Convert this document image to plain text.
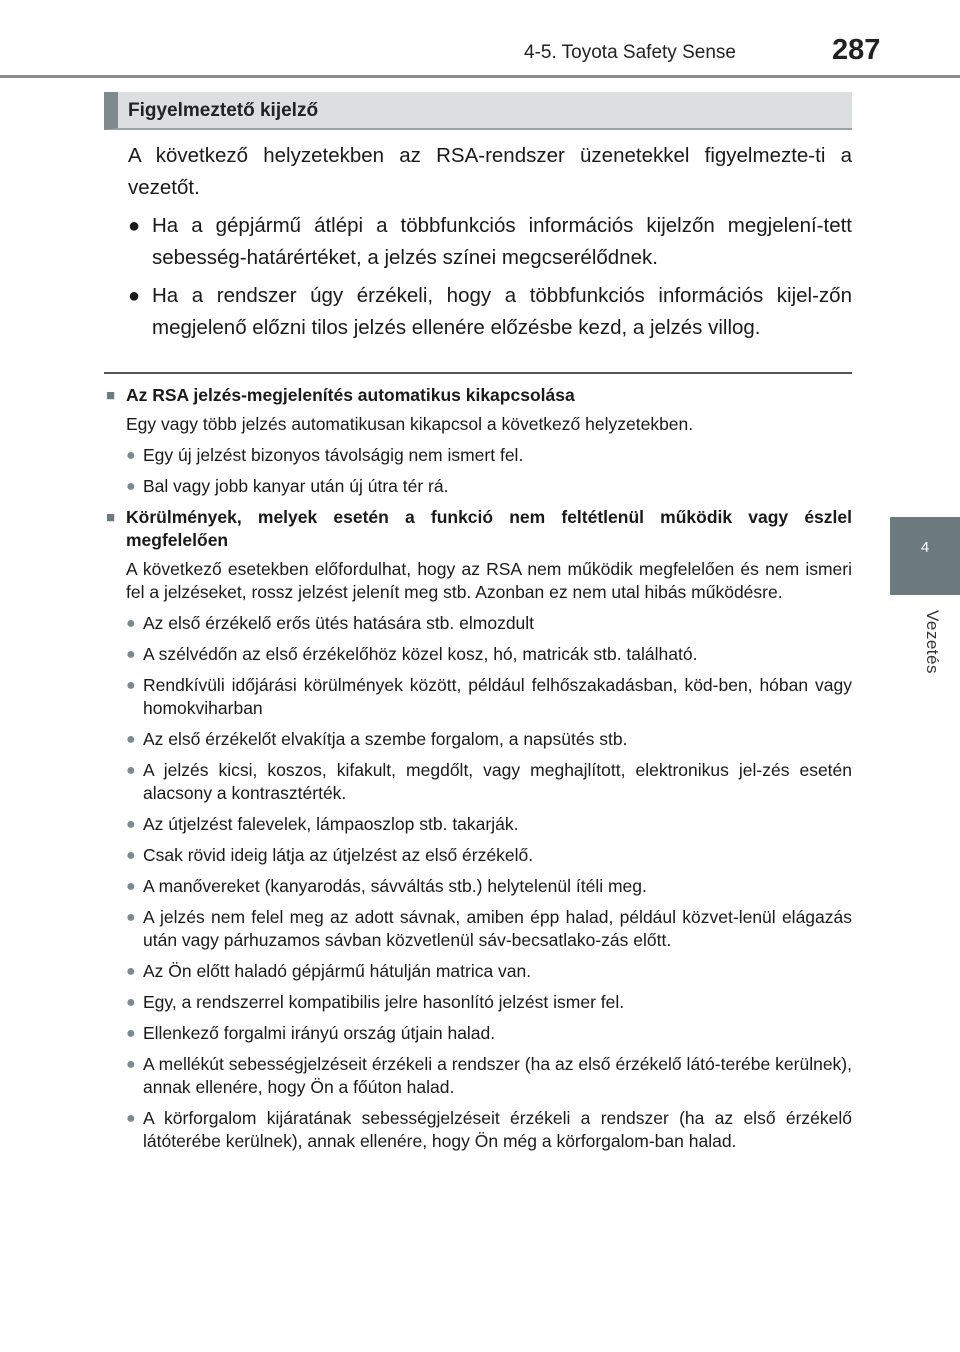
4-5. Toyota Safety Sense	287
4
Vezetés
Figyelmeztető kijelző

A következő helyzetekben az RSA-rendszer üzenetekkel figyelmezte-ti a vezetőt.

● Ha a gépjármű átlépi a többfunkciós információs kijelzőn megjelení-tett sebesség-határértéket, a jelzés színei megcserélődnek.
● Ha a rendszer úgy érzékeli, hogy a többfunkciós információs kijel-zőn megjelenő előzni tilos jelzés ellenére előzésbe kezd, a jelzés villog.
■ Az RSA jelzés-megjelenítés automatikus kikapcsolása
Egy vagy több jelzés automatikusan kikapcsol a következő helyzetekben.
● Egy új jelzést bizonyos távolságig nem ismert fel.
● Bal vagy jobb kanyar után új útra tér rá.
■ Körülmények, melyek esetén a funkció nem feltétlenül működik vagy észlel megfelelően
A következő esetekben előfordulhat, hogy az RSA nem működik megfelelően és nem ismeri fel a jelzéseket, rossz jelzést jelenít meg stb. Azonban ez nem utal hibás működésre.
● Az első érzékelő erős ütés hatására stb. elmozdult
● A szélvédőn az első érzékelőhöz közel kosz, hó, matricák stb. található.
● Rendkívüli időjárási körülmények között, például felhőszakadásban, köd-ben, hóban vagy homokviharban
● Az első érzékelőt elvakítja a szembe forgalom, a napsütés stb.
● A jelzés kicsi, koszos, kifakult, megdőlt, vagy meghajlított, elektronikus jel-zés esetén alacsony a kontrasztérték.
● Az útjelzést falevelek, lámpaoszlop stb. takarják.
● Csak rövid ideig látja az útjelzést az első érzékelő.
● A manővereket (kanyarodás, sávváltás stb.) helytelenül ítéli meg.
● A jelzés nem felel meg az adott sávnak, amiben épp halad, például közvet-lenül elágazás után vagy párhuzamos sávban közvetlenül sáv-becsatlako-zás előtt.
● Az Ön előtt haladó gépjármű hátulján matrica van.
● Egy, a rendszerrel kompatibilis jelre hasonlító jelzést ismer fel.
● Ellenkező forgalmi irányú ország útjain halad.
● A mellékút sebességjelzéseit érzékeli a rendszer (ha az első érzékelő látó-terébe kerülnek), annak ellenére, hogy Ön a főúton halad.
● A körforgalom kijáratának sebességjelzéseit érzékeli a rendszer (ha az első érzékelő látóterébe kerülnek), annak ellenére, hogy Ön még a körforgalom-ban halad.
